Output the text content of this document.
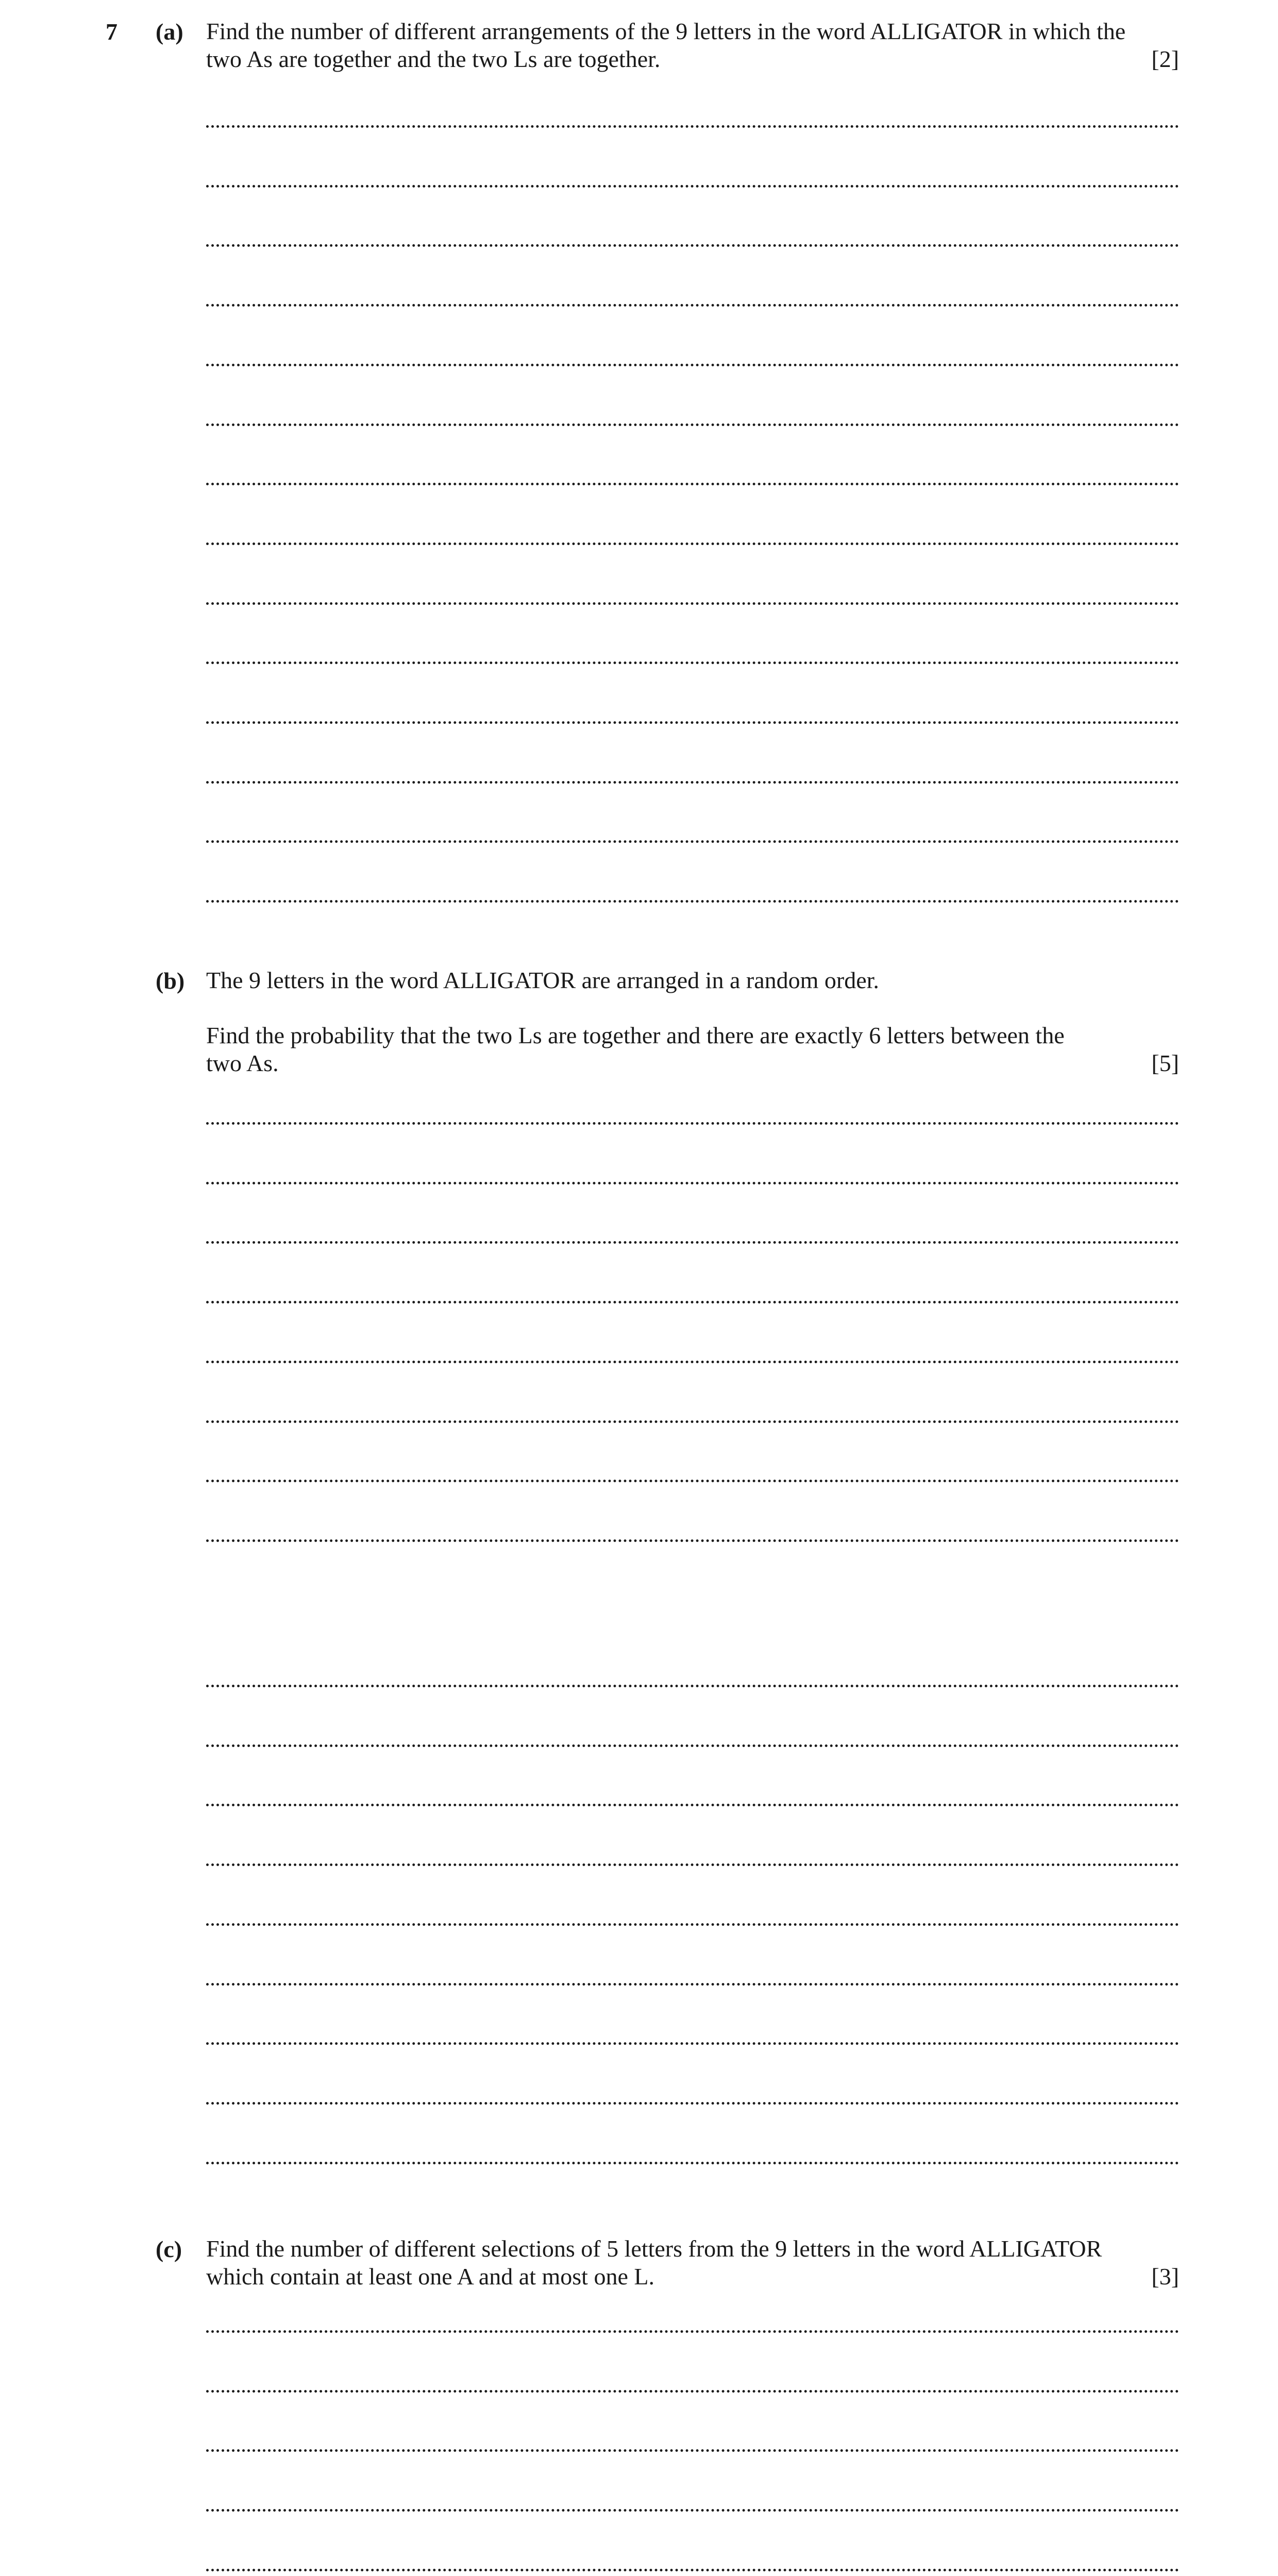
7 (a) Find the number of different arrangements of the 9 letters in the word ALLIGATOR in which the
two As are together and the two Ls are together.	[2]
(b) The 9 letters in the word ALLIGATOR are arranged in a random order.
Find the probability that the two Ls are together and there are exactly 6 letters between the
two As.	[5]
(c) Find the number of different selections of 5 letters from the 9 letters in the word ALLIGATOR
which contain at least one A and at most one L.	[3]
